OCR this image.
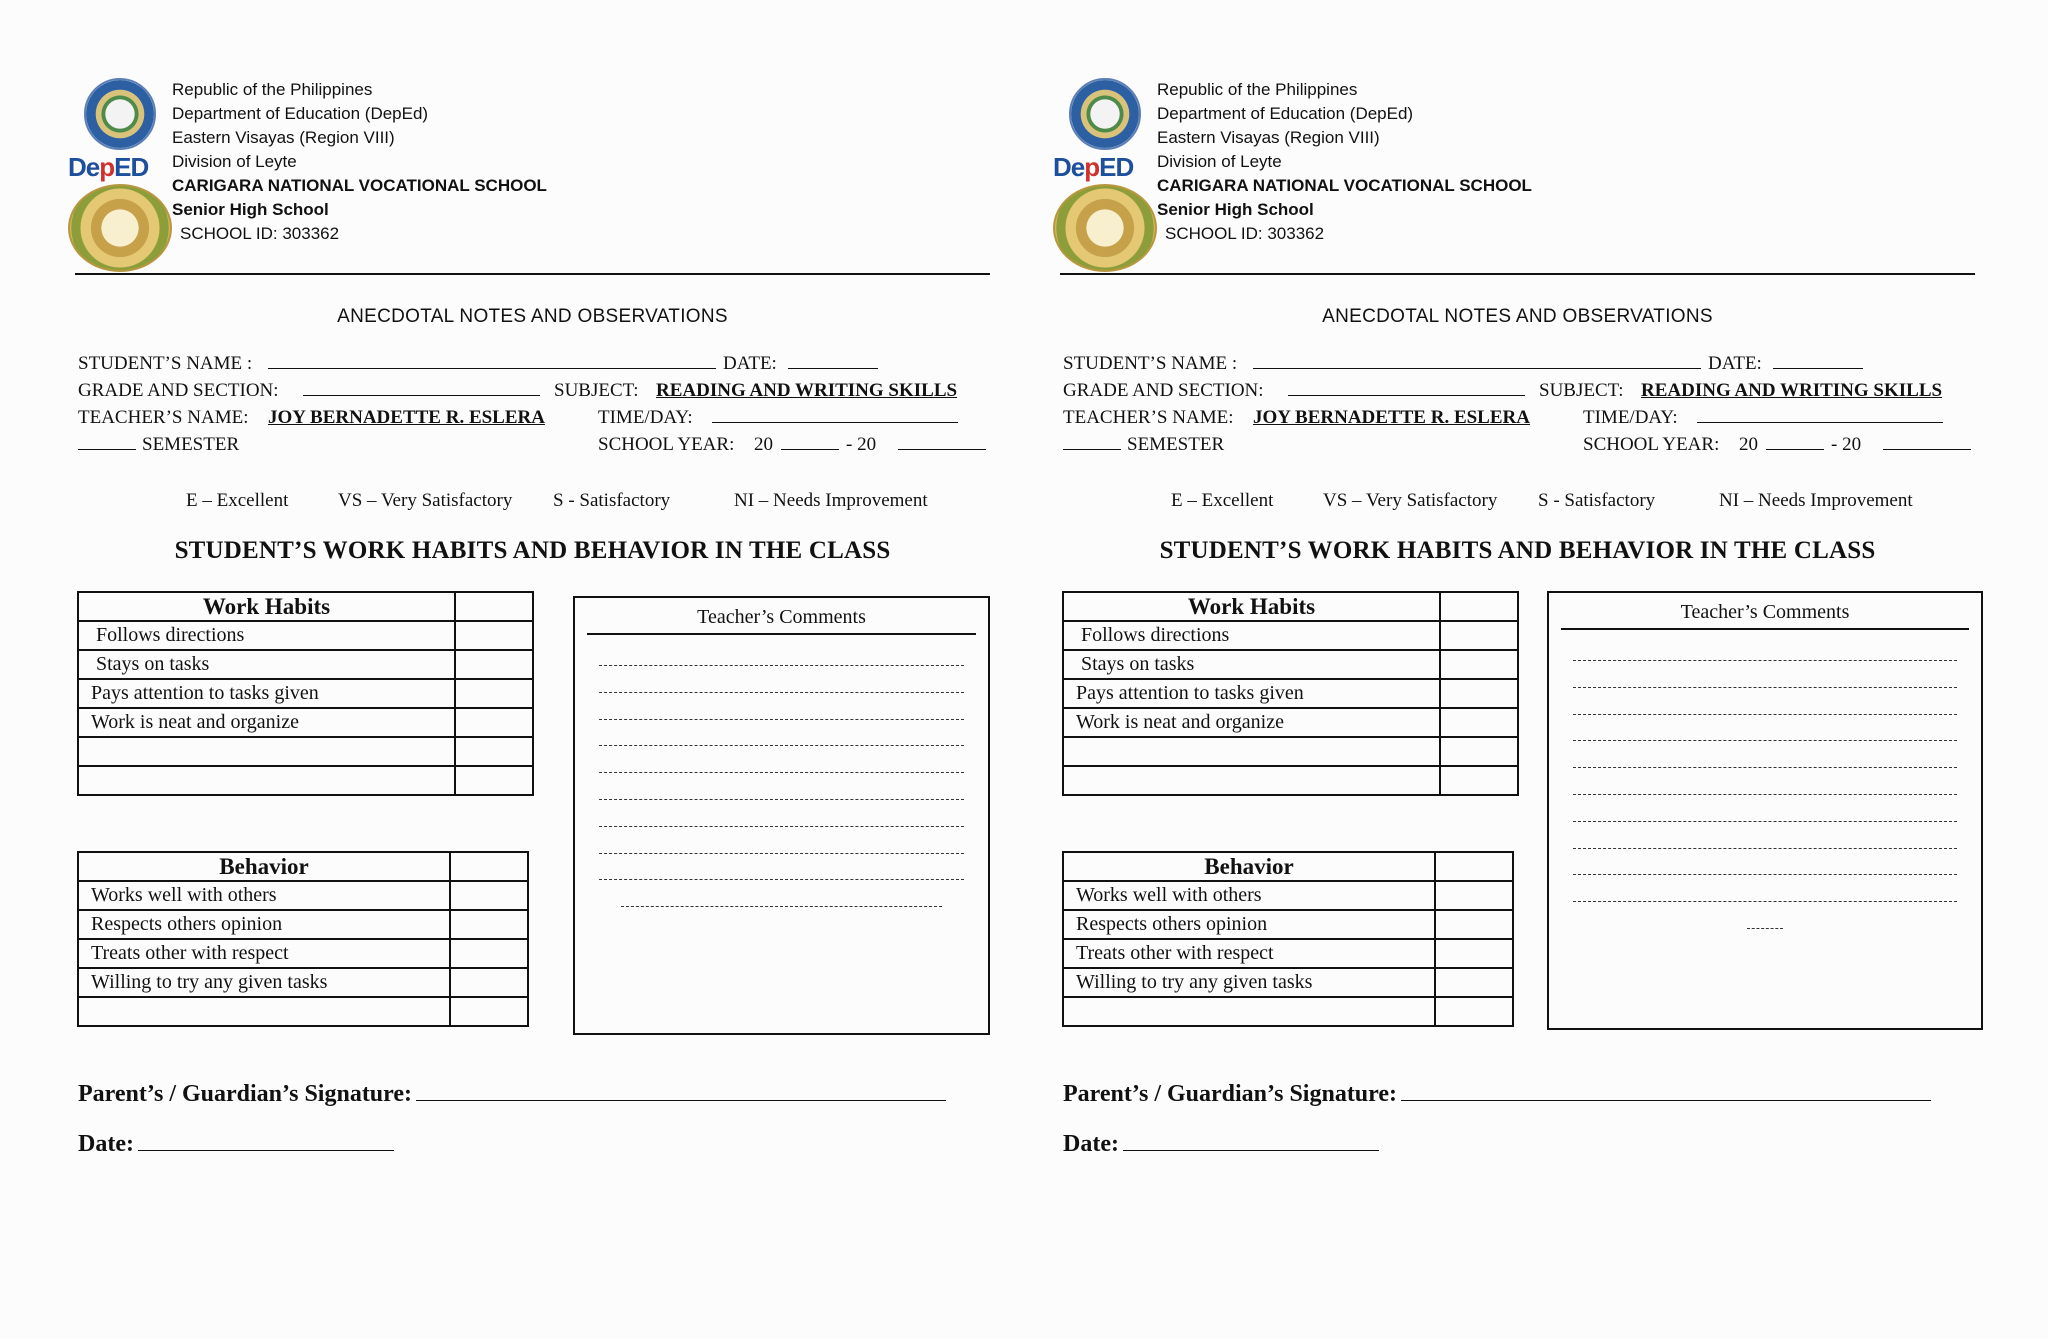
DepED
Republic of the Philippines
Department of Education (DepEd)
Eastern Visayas (Region VIII)
Division of Leyte
CARIGARA NATIONAL VOCATIONAL SCHOOL
Senior High School
SCHOOL ID: 303362
ANECDOTAL NOTES AND OBSERVATIONS
STUDENT’S NAME :	DATE:
GRADE AND SECTION:	SUBJECT: READING AND WRITING SKILLS
TEACHER’S NAME: JOY BERNADETTE R. ESLERA	TIME/DAY:
SEMESTER	SCHOOL YEAR: 20	- 20
E – Excellent	VS – Very Satisfactory S - Satisfactory	NI – Needs Improvement
STUDENT’S WORK HABITS AND BEHAVIOR IN THE CLASS
Work Habits	
Follows directions	
Stays on tasks	
Pays attention to tasks given	
Work is neat and organize	

Behavior	
Works well with others	
Respects others opinion	
Treats other with respect	
Willing to try any given tasks	

Teacher’s Comments
Parent’s / Guardian’s Signature:
Date:
DepED
Republic of the Philippines
Department of Education (DepEd)
Eastern Visayas (Region VIII)
Division of Leyte
CARIGARA NATIONAL VOCATIONAL SCHOOL
Senior High School
SCHOOL ID: 303362
ANECDOTAL NOTES AND OBSERVATIONS
STUDENT’S NAME :	DATE:
GRADE AND SECTION:	SUBJECT: READING AND WRITING SKILLS
TEACHER’S NAME: JOY BERNADETTE R. ESLERA	TIME/DAY:
SEMESTER	SCHOOL YEAR: 20	- 20
E – Excellent	VS – Very Satisfactory S - Satisfactory	NI – Needs Improvement
STUDENT’S WORK HABITS AND BEHAVIOR IN THE CLASS
Work Habits	
Follows directions	
Stays on tasks	
Pays attention to tasks given	
Work is neat and organize	

Behavior	
Works well with others	
Respects others opinion	
Treats other with respect	
Willing to try any given tasks	

Teacher’s Comments
Parent’s / Guardian’s Signature:
Date:
